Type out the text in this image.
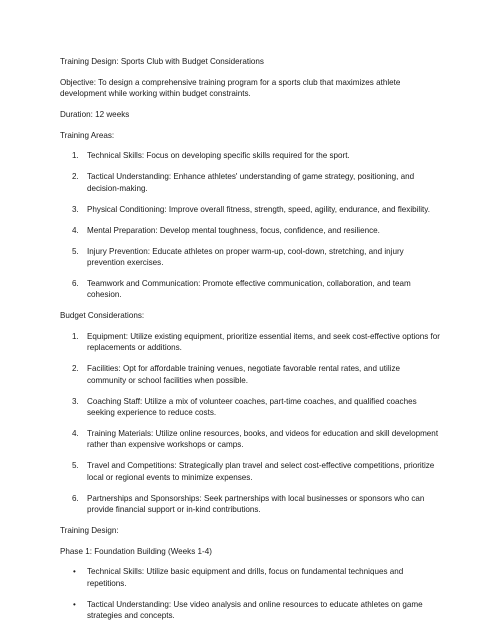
Training Design: Sports Club with Budget Considerations

Objective: To design a comprehensive training program for a sports club that maximizes athlete development while working within budget constraints.

Duration: 12 weeks

Training Areas:

1. Technical Skills: Focus on developing specific skills required for the sport.
2. Tactical Understanding: Enhance athletes' understanding of game strategy, positioning, and decision-making.
3. Physical Conditioning: Improve overall fitness, strength, speed, agility, endurance, and flexibility.
4. Mental Preparation: Develop mental toughness, focus, confidence, and resilience.
5. Injury Prevention: Educate athletes on proper warm-up, cool-down, stretching, and injury prevention exercises.
6. Teamwork and Communication: Promote effective communication, collaboration, and team cohesion.

Budget Considerations:

1. Equipment: Utilize existing equipment, prioritize essential items, and seek cost-effective options for replacements or additions.
2. Facilities: Opt for affordable training venues, negotiate favorable rental rates, and utilize community or school facilities when possible.
3. Coaching Staff: Utilize a mix of volunteer coaches, part-time coaches, and qualified coaches seeking experience to reduce costs.
4. Training Materials: Utilize online resources, books, and videos for education and skill development rather than expensive workshops or camps.
5. Travel and Competitions: Strategically plan travel and select cost-effective competitions, prioritize local or regional events to minimize expenses.
6. Partnerships and Sponsorships: Seek partnerships with local businesses or sponsors who can provide financial support or in-kind contributions.

Training Design:

Phase 1: Foundation Building (Weeks 1-4)

• Technical Skills: Utilize basic equipment and drills, focus on fundamental techniques and repetitions.
• Tactical Understanding: Use video analysis and online resources to educate athletes on game strategies and concepts.
